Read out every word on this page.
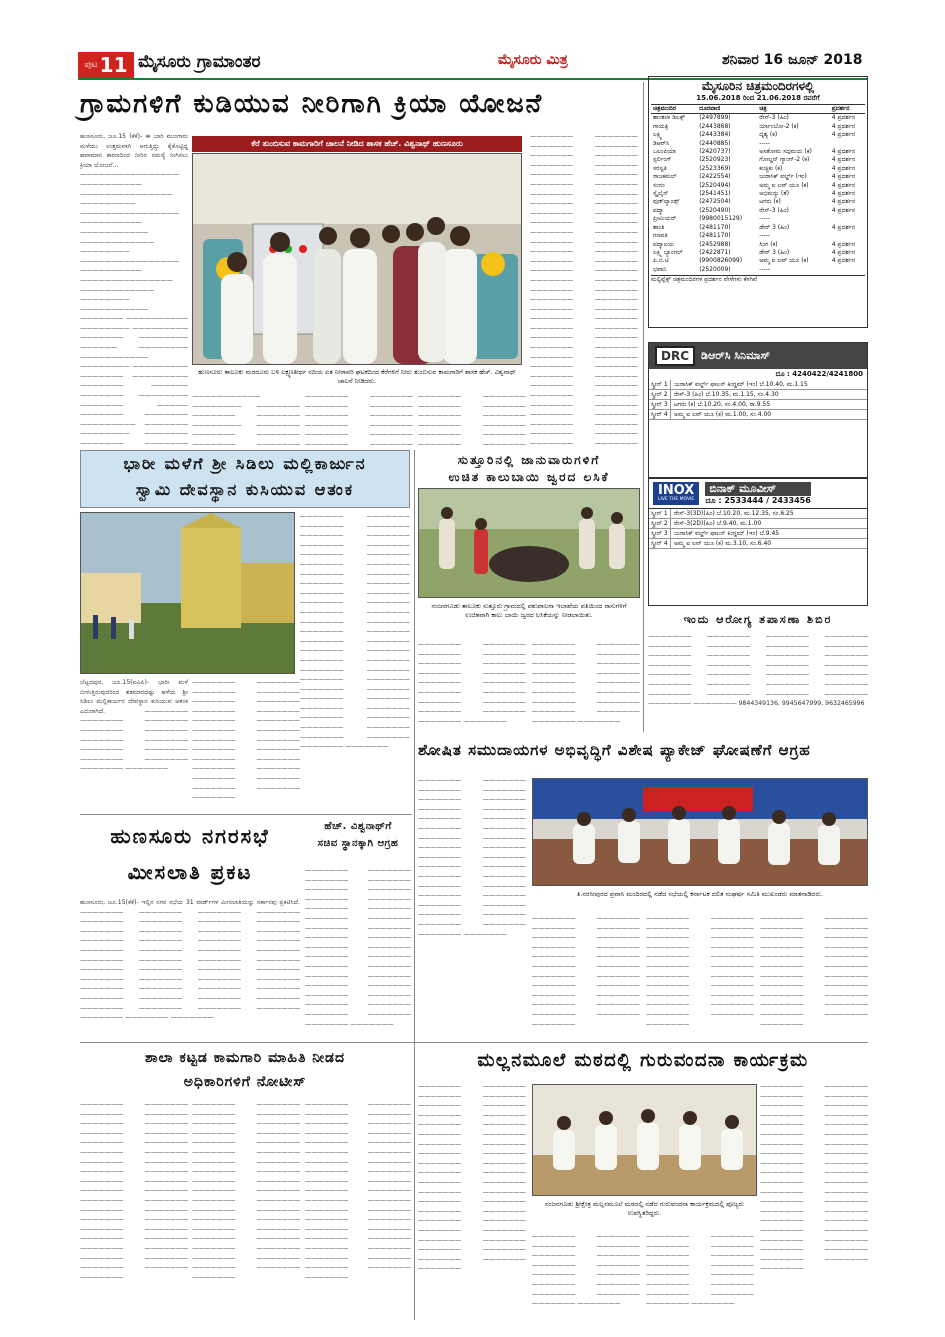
ಪುಟ 11 ಮೈಸೂರು ಗ್ರಾಮಾಂತರ	ಮೈಸೂರು ಮಿತ್ರ	ಶನಿವಾರ 16 ಜೂನ್ 2018
ಗ್ರಾಮಗಳಿಗೆ ಕುಡಿಯುವ ನೀರಿಗಾಗಿ ಕ್ರಿಯಾ ಯೋಜನೆ
ಹುಣಸೂರು, ಜೂ.15 (ಕೆಕೆ)- ಈ ಬಾರಿ ಮುಂಗಾರು ಮಳೆಯು ಉತ್ತಮವಾಗಿ ಆಗುತ್ತಿದ್ದು ಕೈಕೊಟ್ಟಿದ್ದ ಹವಾಮಾನ ಕಾರಣದಿಂದ ನೀರಿನ ಸಮಸ್ಯೆ ನೀಗಿಸಲು ಕ್ರಿಯಾ ಯೋಜನೆ...
———————————————— —————————— ——————————————— ————————— ———————————————— —————————— ——————————— ———————————— ———————— ———————————————— —————————— ——————————————— ———————————— ———————— ——————————— ——————— —————————— ———————— ————————— ——————— ———————— —————— ———————— ——————————— ———————— ————————— ——————— ————————— ——————— —————— ——————— ———————— ——————— ————— ——————— ——————— ————————— ——————— ———————— ——————— ——————— ———————
ಕೆರೆ ತುಂಬಿಸುವ ಕಾಮಗಾರಿಗೆ ಚಾಲನೆ ನೀಡಿದ ಶಾಸಕ ಹೆಚ್. ವಿಶ್ವನಾಥ್ ಹುಣಸೂರು
ಹುಣಸೂರು ತಾಲೂಕು ಮರದೂರು ಬಳಿ ಲಕ್ಷ್ಮಣತೀರ್ಥ ನದಿಯ ಏತ ನೀರಾವರಿ ಘಟಕದಿಂದ ಕೆರೆಗಳಿಗೆ ನೀರು ತುಂಬಿಸುವ ಕಾಮಗಾರಿಗೆ ಶಾಸಕ ಹೆಚ್. ವಿಶ್ವನಾಥ್ ಚಾಲನೆ ನೀಡಿದರು.
——————————— ———————— ——————— ——————— ——————— ———————— ——————— ——————— ——————— ——————— ———————
——————— ——————— ——————— ——————— ——————— ——————— ——————— ——————— ——————— ——————— ——————— ———————
——————— ——————— ——————— ——————— ——————— ——————— ——————— ——————— ——————— ——————— ——————— ———————
——————— ——————— ——————— ——————— ——————— ——————— ——————— ——————— ——————— ——————— ——————— ——————— ——————— ——————— ——————— ——————— ——————— ——————— ——————— ——————— ——————— ——————— ——————— ——————— ——————— ——————— ——————— ——————— ——————— ——————— ——————— ——————— ——————— ——————— ——————— ——————— ——————— ——————— ——————— ——————— ——————— ——————— ——————— ——————— ——————— ——————— ——————— ——————— ——————— ——————— ——————— ——————— ——————— ——————— ——————— ——————— ——————— ——————— ——————— ——————— ——————— ——————— ——————— ——————— ——————— ———————
ಭಾರೀ ಮಳೆಗೆ ಶ್ರೀ ಸಿಡಿಲು ಮಲ್ಲಿಕಾರ್ಜುನ
ಸ್ವಾಮಿ ದೇವಸ್ಥಾನ ಕುಸಿಯುವ ಆತಂಕ
ಬೆಟ್ಟದಪುರ, ಜೂ.15(ಐವಿಪಿ)- ಭಾರೀ ಮಳೆ ಬೀಳುತ್ತಿರುವುದರಿಂದ ಶತಮಾನದಷ್ಟು ಹಳೆಯ ಶ್ರೀ ಸಿಡಿಲು ಮಲ್ಲಿಕಾರ್ಜುನ ದೇವಸ್ಥಾನ ಕುಸಿಯುವ ಆತಂಕ ಎದುರಾಗಿದೆ. ——————— ——————— ——————— ——————— ——————— ——————— ——————— ——————— ——————— ——————— ——————— ——————— ———————
——————— ——————— ——————— ——————— ——————— ——————— ——————— ——————— ——————— ——————— ——————— ——————— ——————— ——————— ——————— ——————— ——————— ——————— ——————— ——————— ——————— ——————— ——————— ——————— ———————
——————— ——————— ——————— ——————— ——————— ——————— ——————— ——————— ——————— ——————— ——————— ——————— ——————— ——————— ——————— ——————— ——————— ——————— ——————— ——————— ——————— ——————— ——————— ——————— ——————— ——————— ——————— ——————— ——————— ——————— ——————— ——————— ——————— ——————— ——————— ——————— ——————— ——————— ——————— ——————— ——————— ——————— ——————— ——————— ——————— ——————— ——————— ——————— ——————— ———————
ಸುತ್ತೂರಿನಲ್ಲಿ ಜಾನುವಾರುಗಳಿಗೆ
ಉಚಿತ ಕಾಲುಬಾಯಿ ಜ್ವರದ ಲಸಿಕೆ
ನಂಜನಗೂಡು ತಾಲೂಕು ಸುತ್ತೂರು ಗ್ರಾಮದಲ್ಲಿ ಪಶುಪಾಲನಾ ಇಲಾಖೆಯ ವತಿಯಿಂದ ರಾಸುಗಳಿಗೆ ಉಚಿತವಾಗಿ ಕಾಲು ಬಾಯಿ ಜ್ವರದ ಲಸಿಕೆಯನ್ನು ನೀಡಲಾಯಿತು.
——————— ——————— ——————— ——————— ——————— ——————— ——————— ——————— ——————— ——————— ——————— ——————— ——————— ——————— ——————— ——————— ——————— ———————
——————— ——————— ——————— ——————— ——————— ——————— ——————— ——————— ——————— ——————— ——————— ——————— ——————— ——————— ——————— ——————— ——————— ———————
ಇಂದು ಆರೋಗ್ಯ ತಪಾಸಣಾ ಶಿಬಿರ
——————— ——————— ——————— ——————— ——————— ——————— ——————— ——————— ——————— ——————— ——————— ——————— ——————— ——————— ——————— ——————— ——————— ——————— ——————— ——————— ——————— ——————— ——————— ——————— ——————— ——————— ——————— ——————— ——————— ——————— 9844349136, 9945647999, 9632465996
ಶೋಷಿತ ಸಮುದಾಯಗಳ ಅಭಿವೃದ್ಧಿಗೆ ವಿಶೇಷ ಪ್ಯಾಕೇಜ್ ಘೋಷಣೆಗೆ ಆಗ್ರಹ
——————— ——————— ——————— ——————— ——————— ——————— ——————— ——————— ——————— ——————— ——————— ——————— ——————— ——————— ——————— ——————— ——————— ——————— ——————— ——————— ——————— ——————— ——————— ——————— ——————— ——————— ——————— ——————— ——————— ——————— ——————— ——————— ——————— ———————
ತಿ.ನರಸೀಪುರದ ಪ್ರವಾಸಿ ಮಂದಿರದಲ್ಲಿ ನಡೆದ ಸಭೆಯಲ್ಲಿ ಕರ್ನಾಟಕ ದಲಿತ ಸಂಘರ್ಷ ಸಮಿತಿ ಮುಖಂಡರು ಮಾತನಾಡಿದರು.
——————— ——————— ——————— ——————— ——————— ——————— ——————— ——————— ——————— ——————— ——————— ——————— ——————— ——————— ——————— ——————— ——————— ——————— ——————— ——————— ——————— ——————— ———————
——————— ——————— ——————— ——————— ——————— ——————— ——————— ——————— ——————— ——————— ——————— ——————— ——————— ——————— ——————— ——————— ——————— ——————— ——————— ——————— ——————— ——————— ———————
——————— ——————— ——————— ——————— ——————— ——————— ——————— ——————— ——————— ——————— ——————— ——————— ——————— ——————— ——————— ——————— ——————— ——————— ——————— ——————— ——————— ——————— ———————
ಹುಣಸೂರು ನಗರಸಭೆ
ಮೀಸಲಾತಿ ಪ್ರಕಟ
ಹುಣಸೂರು, ಜೂ.15(ಕೆಕೆ)- ಇಲ್ಲಿನ ನಗರ ಸಭೆಯ 31 ವಾರ್ಡ್‌ಗಳ ಮೀಸಲಾತಿಯನ್ನು ಸರ್ಕಾರವು ಪ್ರಕಟಿಸಿದೆ. ——————— ——————— ——————— ——————— ——————— ——————— ——————— ——————— ——————— ——————— ——————— ——————— ——————— ——————— ——————— ——————— ——————— ——————— ——————— ——————— ——————— ——————— ——————— ——————— ——————— ——————— ——————— ——————— ——————— ——————— ——————— ——————— ——————— ——————— ——————— ——————— ——————— ——————— ——————— ——————— ——————— ——————— ——————— ——————— ——————— ——————— ———————
ಹೆಚ್. ವಿಶ್ವನಾಥ್‌ಗೆ
ಸಚಿವ ಸ್ಥಾನಕ್ಕಾಗಿ ಆಗ್ರಹ
——————— ——————— ——————— ——————— ——————— ——————— ——————— ——————— ——————— ——————— ——————— ——————— ——————— ——————— ——————— ——————— ——————— ——————— ——————— ——————— ——————— ——————— ——————— ——————— ——————— ——————— ——————— ——————— ——————— ——————— ——————— ——————— ——————— ———————
ಶಾಲಾ ಕಟ್ಟಡ ಕಾಮಗಾರಿ ಮಾಹಿತಿ ನೀಡದ
ಅಧಿಕಾರಿಗಳಿಗೆ ನೋಟೀಸ್
——————— ——————— ——————— ——————— ——————— ——————— ——————— ——————— ——————— ——————— ——————— ——————— ——————— ——————— ——————— ——————— ——————— ——————— ——————— ——————— ——————— ——————— ——————— ——————— ——————— ——————— ——————— ——————— ——————— ——————— ——————— ——————— ——————— ——————— ——————— ——————— ———————
——————— ——————— ——————— ——————— ——————— ——————— ——————— ——————— ——————— ——————— ——————— ——————— ——————— ——————— ——————— ——————— ——————— ——————— ——————— ——————— ——————— ——————— ——————— ——————— ——————— ——————— ——————— ——————— ——————— ——————— ——————— ——————— ——————— ——————— ——————— ——————— ———————
——————— ——————— ——————— ——————— ——————— ——————— ——————— ——————— ——————— ——————— ——————— ——————— ——————— ——————— ——————— ——————— ——————— ——————— ——————— ——————— ——————— ——————— ——————— ——————— ——————— ——————— ——————— ——————— ——————— ——————— ——————— ——————— ——————— ——————— ——————— ——————— ———————
ಮಲ್ಲನಮೂಲೆ ಮಠದಲ್ಲಿ ಗುರುವಂದನಾ ಕಾರ್ಯಕ್ರಮ
——————— ——————— ——————— ——————— ——————— ——————— ——————— ——————— ——————— ——————— ——————— ——————— ——————— ——————— ——————— ——————— ——————— ——————— ——————— ——————— ——————— ——————— ——————— ——————— ——————— ——————— ——————— ——————— ——————— ——————— ——————— ——————— ——————— ——————— ——————— ——————— ——————— ——————— ———————
ನಂಜನಗೂಡು ಶ್ರೀಕ್ಷೇತ್ರ ಮಲ್ಲನಮೂಲೆ ಮಠದಲ್ಲಿ ನಡೆದ ಗುರುವಂದನಾ ಕಾರ್ಯಕ್ರಮದಲ್ಲಿ ಪೂಜ್ಯರು ಉಪಸ್ಥಿತರಿದ್ದರು.
——————— ——————— ——————— ——————— ——————— ——————— ——————— ——————— ——————— ——————— ——————— ——————— ——————— ——————— ——————— ———————
——————— ——————— ——————— ——————— ——————— ——————— ——————— ——————— ——————— ——————— ——————— ——————— ——————— ——————— ——————— ———————
——————— ——————— ——————— ——————— ——————— ——————— ——————— ——————— ——————— ——————— ——————— ——————— ——————— ——————— ——————— ——————— ——————— ——————— ——————— ——————— ——————— ——————— ——————— ——————— ——————— ——————— ——————— ——————— ——————— ——————— ——————— ——————— ——————— ——————— ——————— ——————— ——————— ——————— ———————
ಮೈಸೂರಿನ ಚಿತ್ರಮಂದಿರಗಳಲ್ಲಿ
15.06.2018 ರಿಂದ 21.06.2018 ರವರೆಗೆ
ಚಿತ್ರಮಂದಿರ	ದೂರವಾಣಿ	ಚಿತ್ರ	ಪ್ರದರ್ಶನ
ಶಾಂತಲಾ ಡಿಲಕ್ಸ್	(2497899)	ರೇಸ್-3 (ಹಿಂ)	4 ಪ್ರದರ್ಶನ
ಗಾಯತ್ರಿ	(2443868)	ರ್ಯಾಂಬೋ-2 (ಕ)	4 ಪ್ರದರ್ಶನ
ಲಕ್ಷ್ಮಿ	(2443384)	ದೃಶ್ಯ (ಕ)	4 ಪ್ರದರ್ಶನ
ಡಿಆರ್‌ಸಿ	(2440885)	-----	
ಒಲಂಪಿಯಾ	(2420737)	ಅಸತೋಮ ಸದ್ಗಮಯ (ಕ)	4 ಪ್ರದರ್ಶನ
ಸ್ಟರ್ಲಿಂಗ್	(2520923)	ಗೋಲ್ಡನ್ ಗ್ಯಾಂಗ್-2 (ಕ)	4 ಪ್ರದರ್ಶನ
ಸರಸ್ವತಿ	(2523369)	ಕುಚ್ಚಿಕು (ಕ)	4 ಪ್ರದರ್ಶನ
ರಾಜಕಮಲ್	(2422554)	ಜುರಾಸಿಕ್ ವರ್ಲ್ಡ್ (ಇಂ)	4 ಪ್ರದರ್ಶನ
ಸಂಗಂ	(2520494)	ಅಮ್ಮ ಐ ಲವ್ ಯೂ (ಕ)	4 ಪ್ರದರ್ಶನ
ಸ್ಕೈಲೈನ್	(2541451)	ಅಭಿಮನ್ಯು (ತೆ)	4 ಪ್ರದರ್ಶನ
ವುಡ್‌ಲ್ಯಾಂಡ್ಸ್	(2472504)	ಟಗರು (ಕ)	4 ಪ್ರದರ್ಶನ
ಪದ್ಮಾ	(2520490)	ರೇಸ್-3 (ಹಿಂ)	4 ಪ್ರದರ್ಶನ
ಪ್ರೀಮಿಯರ್	(9980015129)	-----	
ಶಾಂತಿ	(2481170)	ಡೇರ್ 3 (ಹಿಂ)	4 ಪ್ರದರ್ಶನ
ಗಣಪತಿ	(2481170)	-----	
ಪದ್ಮಾಲಯ	(2452988)	ಸಿಂಗ (ಕ)	4 ಪ್ರದರ್ಶನ
ಲಕ್ಷ್ಮಿ ಬ್ಯಾಂಗಲ್	(2422871)	ಡೇರ್ 3 (ಹಿಂ)	4 ಪ್ರದರ್ಶನ
ಪಿ.ಬಿ.ಟಿ	(9900826099)	ಅಮ್ಮ ಐ ಲವ್ ಯೂ (ಕ)	4 ಪ್ರದರ್ಶನ
ಭವಾನಿ	(2520009)	-----	
ಮಲ್ಟಿಪ್ಲೆಕ್ಸ್ ಚಿತ್ರಮಂದಿರಗಳ ಪ್ರದರ್ಶನ ವೇಳೆಗಳು ಕೆಳಗಿವೆ
DRC	ಡಿಆರ್‌ಸಿ ಸಿನಿಮಾಸ್
ದೂ : 4240422/4241800
ಸ್ಕ್ರೀನ್ 1	ಜುರಾಸಿಕ್ ವರ್ಲ್ಡ್ ಫಾಲನ್ ಕಿಂಗ್ಡಮ್ (ಇಂ) ಬೆ.10.40, ಮ.1.15
ಸ್ಕ್ರೀನ್ 2	ರೇಸ್-3 (ಹಿಂ) ಬೆ.10.35, ಮ.1.15, ಸಂ.4.30
ಸ್ಕ್ರೀನ್ 3	ಟಗರು (ಕ) ಬೆ.10.20, ಸಂ.4.00, ರಾ.9.55
ಸ್ಕ್ರೀನ್ 4	ಅಮ್ಮ ಐ ಲವ್ ಯೂ (ಕ) ಮ.1.00, ಸಂ.4.00
INOX
LIVE THE MOVIE
ಬಿನಾಕ್ ಮೂವೀಸ್
ದೂ : 2533444 / 2433456
ಸ್ಕ್ರೀನ್ 1	ರೇಸ್-3(3D)(ಹಿಂ) ಬೆ.10.20, ಮ.12.35, ಸಂ.6.25
ಸ್ಕ್ರೀನ್ 2	ರೇಸ್-3(2D)(ಹಿಂ) ಬೆ.9.40, ಮ.1.00
ಸ್ಕ್ರೀನ್ 3	ಜುರಾಸಿಕ್ ವರ್ಲ್ಡ್ ಫಾಲನ್ ಕಿಂಗ್ಡಮ್ (ಇಂ) ಬೆ.9.45
ಸ್ಕ್ರೀನ್ 4	ಅಮ್ಮ ಐ ಲವ್ ಯೂ (ಕ) ಮ.3.10, ಸಂ.6.40
